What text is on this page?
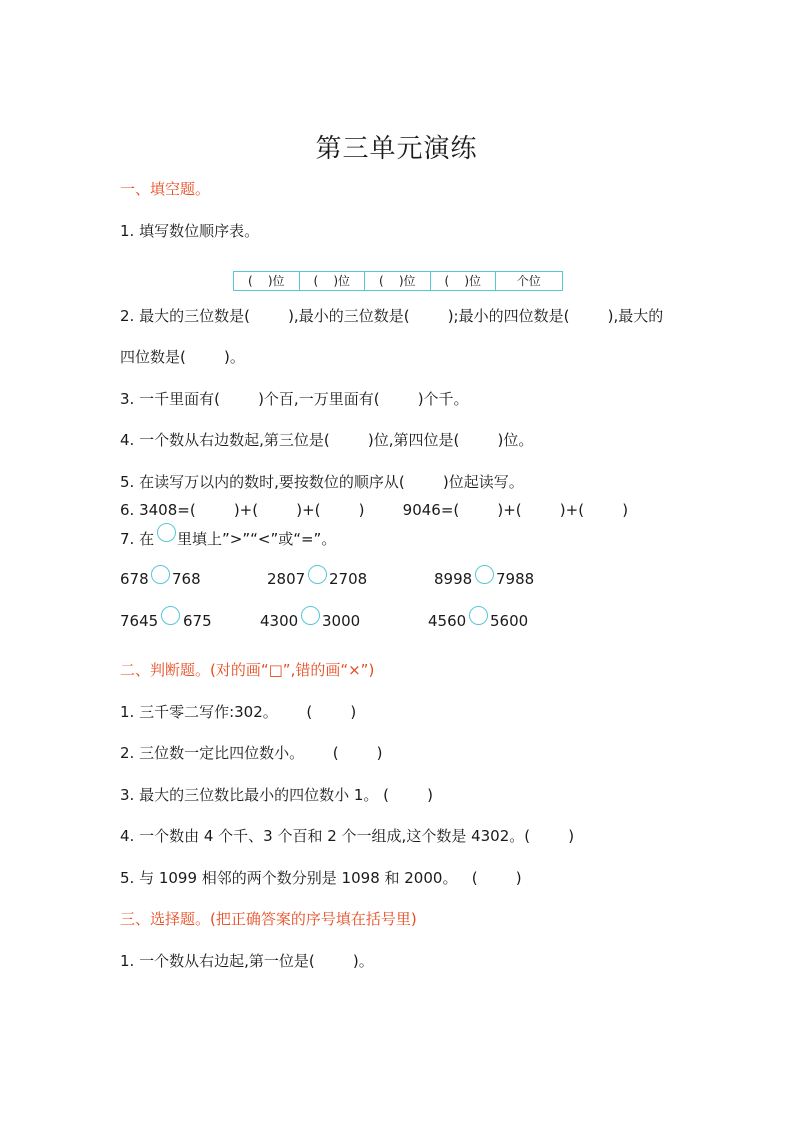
第三单元演练
一、填空题。
1. 填写数位顺序表。
(    )位	(    )位	(    )位	(    )位	个位
2. 最大的三位数是(        ),最小的三位数是(        );最小的四位数是(        ),最大的
四位数是(        )。
3. 一千里面有(        )个百,一万里面有(        )个千。
4. 一个数从右边数起,第三位是(        )位,第四位是(        )位。
5. 在读写万以内的数时,要按数位的顺序从(        )位起读写。
6. 3408=(        )+(        )+(        )        9046=(        )+(        )+(        )
7. 在 里填上”>”“<”或“=”。
678 768	2807 2708	8998 7988
7645 675	4300 3000	4560 5600
二、判断题。(对的画“□”,错的画“×”)
1. 三千零二写作:302。      (        )
2. 三位数一定比四位数小。      (        )
3. 最大的三位数比最小的四位数小 1。 (        )
4. 一个数由 4 个千、3 个百和 2 个一组成,这个数是 4302。(        )
5. 与 1099 相邻的两个数分别是 1098 和 2000。   (        )
三、选择题。(把正确答案的序号填在括号里)
1. 一个数从右边起,第一位是(        )。
